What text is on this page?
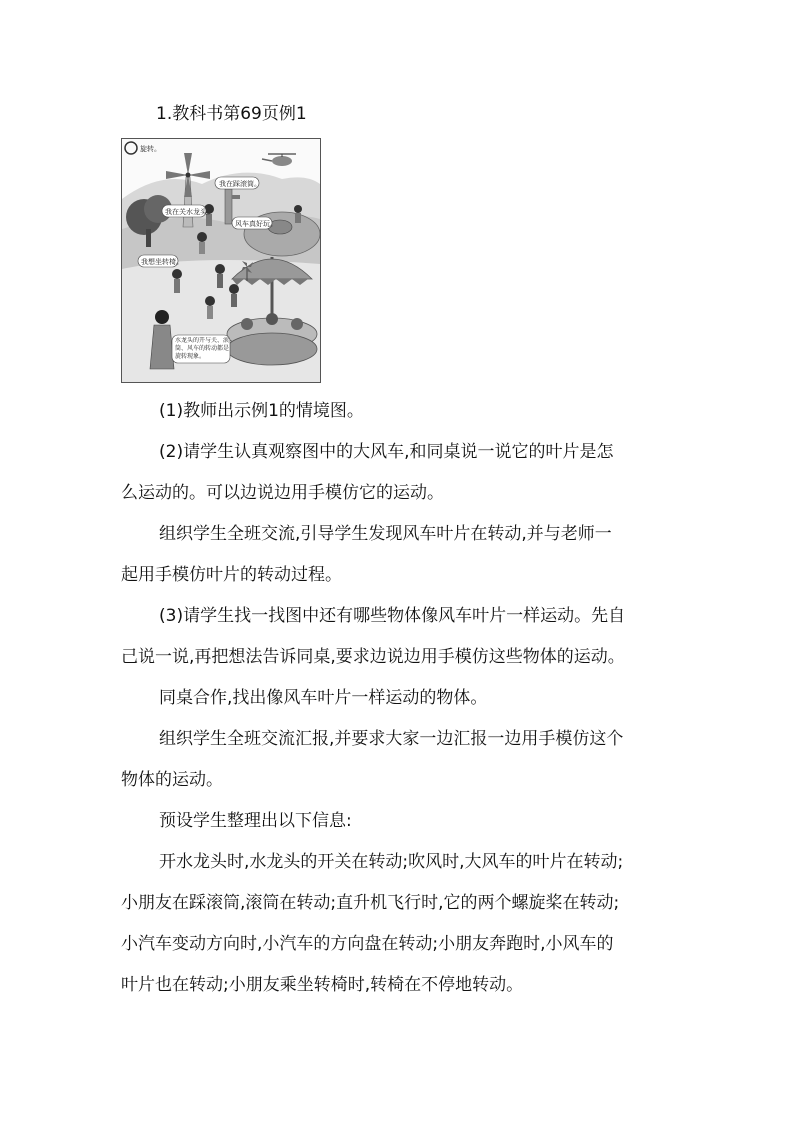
1.教科书第69页例1
旋转。
我在踩滚筒。
我在关水龙头。
风车真好玩。
我想坐转椅。
水龙头的开与关、滚筒、风车的转动都是旋转现象。
(1)教师出示例1的情境图。
(2)请学生认真观察图中的大风车,和同桌说一说它的叶片是怎
么运动的。可以边说边用手模仿它的运动。
组织学生全班交流,引导学生发现风车叶片在转动,并与老师一
起用手模仿叶片的转动过程。
(3)请学生找一找图中还有哪些物体像风车叶片一样运动。先自
己说一说,再把想法告诉同桌,要求边说边用手模仿这些物体的运动。
同桌合作,找出像风车叶片一样运动的物体。
组织学生全班交流汇报,并要求大家一边汇报一边用手模仿这个
物体的运动。
预设学生整理出以下信息:
开水龙头时,水龙头的开关在转动;吹风时,大风车的叶片在转动;
小朋友在踩滚筒,滚筒在转动;直升机飞行时,它的两个螺旋桨在转动;
小汽车变动方向时,小汽车的方向盘在转动;小朋友奔跑时,小风车的
叶片也在转动;小朋友乘坐转椅时,转椅在不停地转动。
